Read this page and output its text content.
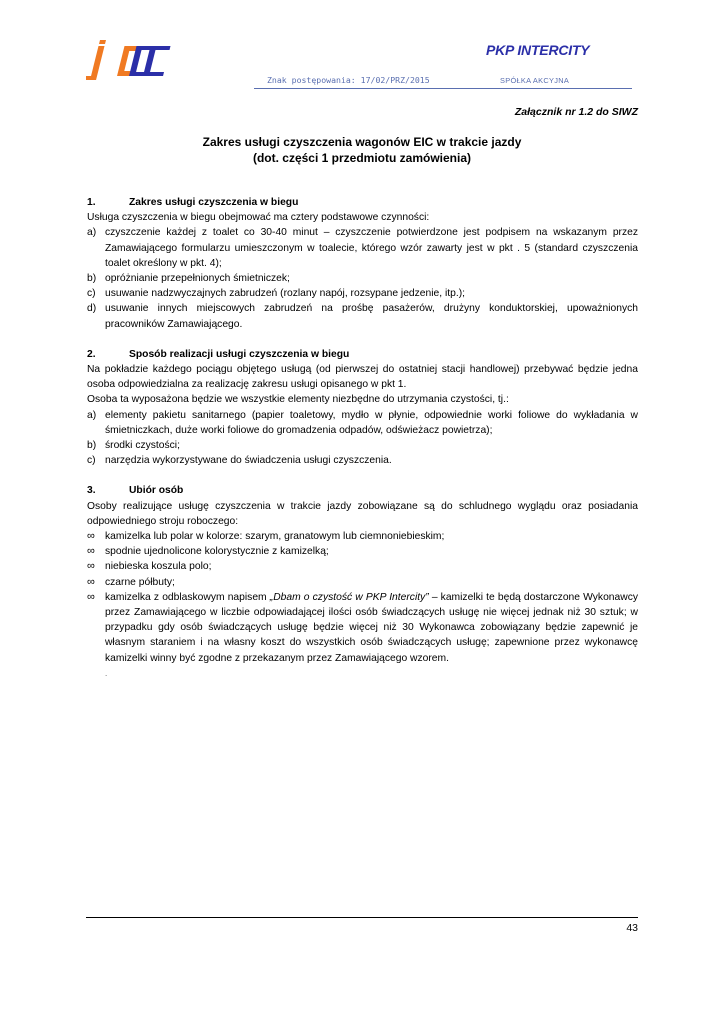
PKP INTERCITY
Znak postępowania: 17/02/PRZ/2015	SPÓŁKA AKCYJNA
Załącznik nr 1.2 do SIWZ
Zakres usługi czyszczenia wagonów EIC w trakcie jazdy
(dot. części 1 przedmiotu zamówienia)
1.	Zakres usługi czyszczenia w biegu
Usługa czyszczenia w biegu obejmować ma cztery podstawowe czynności:
a) czyszczenie każdej z toalet co 30-40 minut – czyszczenie potwierdzone jest podpisem na wskazanym przez Zamawiającego formularzu umieszczonym w toalecie, którego wzór zawarty jest w pkt . 5 (standard czyszczenia toalet określony w pkt. 4);
b) opróżnianie przepełnionych śmietniczek;
c) usuwanie nadzwyczajnych zabrudzeń (rozlany napój, rozsypane jedzenie, itp.);
d) usuwanie innych miejscowych zabrudzeń na prośbę pasażerów, drużyny konduktorskiej, upoważnionych pracowników Zamawiającego.
2.	Sposób realizacji usługi czyszczenia w biegu
Na pokładzie każdego pociągu objętego usługą (od pierwszej do ostatniej stacji handlowej) przebywać będzie jedna osoba odpowiedzialna za realizację zakresu usługi opisanego w pkt 1.
Osoba ta wyposażona będzie we wszystkie elementy niezbędne do utrzymania czystości, tj.:
a) elementy pakietu sanitarnego (papier toaletowy, mydło w płynie, odpowiednie worki foliowe do wykładania w śmietniczkach, duże worki foliowe do gromadzenia odpadów, odświeżacz powietrza);
b) środki czystości;
c) narzędzia wykorzystywane do świadczenia usługi czyszczenia.
3.	Ubiór osób
Osoby realizujące usługę czyszczenia w trakcie jazdy zobowiązane są do schludnego wyglądu oraz posiadania odpowiedniego stroju roboczego:
∞ kamizelka lub polar w kolorze: szarym, granatowym lub ciemnoniebieskim;
∞ spodnie ujednolicone kolorystycznie z kamizelką;
∞ niebieska koszula polo;
∞ czarne półbuty;
∞ kamizelka z odblaskowym napisem „Dbam o czystość w PKP Intercity” – kamizelki te będą dostarczone Wykonawcy przez Zamawiającego w liczbie odpowiadającej ilości osób świadczących usługę nie więcej jednak niż 30 sztuk; w przypadku gdy osób świadczących usługę będzie więcej niż 30 Wykonawca zobowiązany będzie zapewnić je własnym staraniem i na własny koszt do wszystkich osób świadczących usługę; zapewnione przez wykonawcę kamizelki winny być zgodne z przekazanym przez Zamawiającego wzorem.
.
43
